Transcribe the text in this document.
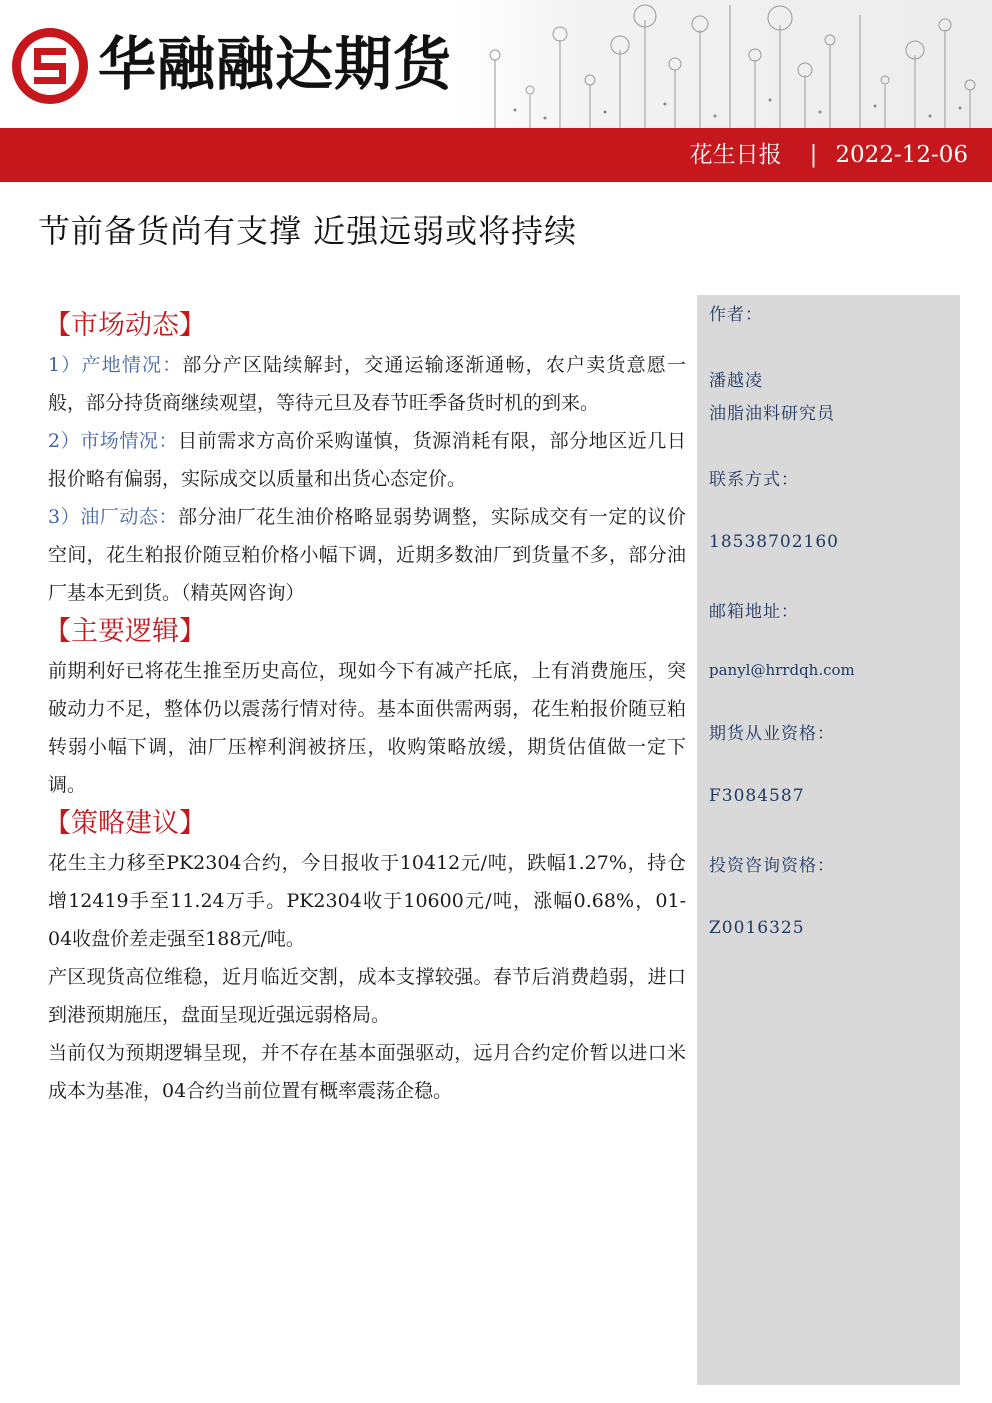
华融融达期货
花生日报 | 2022-12-06
节前备货尚有支撑 近强远弱或将持续
作者：
潘越凌
油脂油料研究员
联系方式：
18538702160
邮箱地址：
panyl@hrrdqh.com
期货从业资格：
F3084587
投资咨询资格：
Z0016325
【市场动态】

1）产地情况：部分产区陆续解封，交通运输逐渐通畅，农户卖货意愿一般，部分持货商继续观望，等待元旦及春节旺季备货时机的到来。

2）市场情况：目前需求方高价采购谨慎，货源消耗有限，部分地区近几日报价略有偏弱，实际成交以质量和出货心态定价。

3）油厂动态：部分油厂花生油价格略显弱势调整，实际成交有一定的议价空间，花生粕报价随豆粕价格小幅下调，近期多数油厂到货量不多，部分油厂基本无到货。（精英网咨询）

【主要逻辑】

前期利好已将花生推至历史高位，现如今下有减产托底，上有消费施压，突破动力不足，整体仍以震荡行情对待。基本面供需两弱，花生粕报价随豆粕转弱小幅下调，油厂压榨利润被挤压，收购策略放缓，期货估值做一定下调。

【策略建议】

花生主力移至PK2304合约，今日报收于10412元/吨，跌幅1.27%，持仓增12419手至11.24万手。PK2304收于10600元/吨，涨幅0.68%，01-04收盘价差走强至188元/吨。

产区现货高位维稳，近月临近交割，成本支撑较强。春节后消费趋弱，进口到港预期施压，盘面呈现近强远弱格局。

当前仅为预期逻辑呈现，并不存在基本面强驱动，远月合约定价暂以进口米成本为基准，04合约当前位置有概率震荡企稳。
